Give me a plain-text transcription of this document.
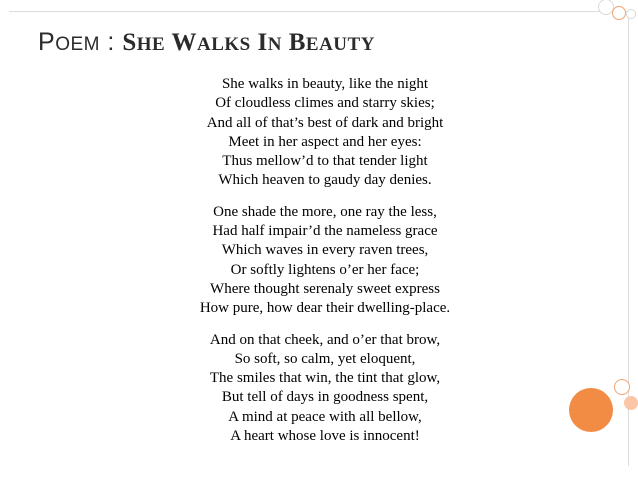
POEM : SHE WALKS IN BEAUTY
She walks in beauty, like the night
Of cloudless climes and starry skies;
And all of that’s best of dark and bright
Meet in her aspect and her eyes:
Thus mellow’d to that tender light
Which heaven to gaudy day denies.
One shade the more, one ray the less,
Had half impair’d the nameless grace
Which waves in every raven trees,
Or softly lightens o’er her face;
Where thought serenaly sweet express
How pure, how dear their dwelling-place.
And on that cheek, and o’er that brow,
So soft, so calm, yet eloquent,
The smiles that win, the tint that glow,
But tell of days in goodness spent,
A mind at peace with all bellow,
A heart whose love is innocent!
